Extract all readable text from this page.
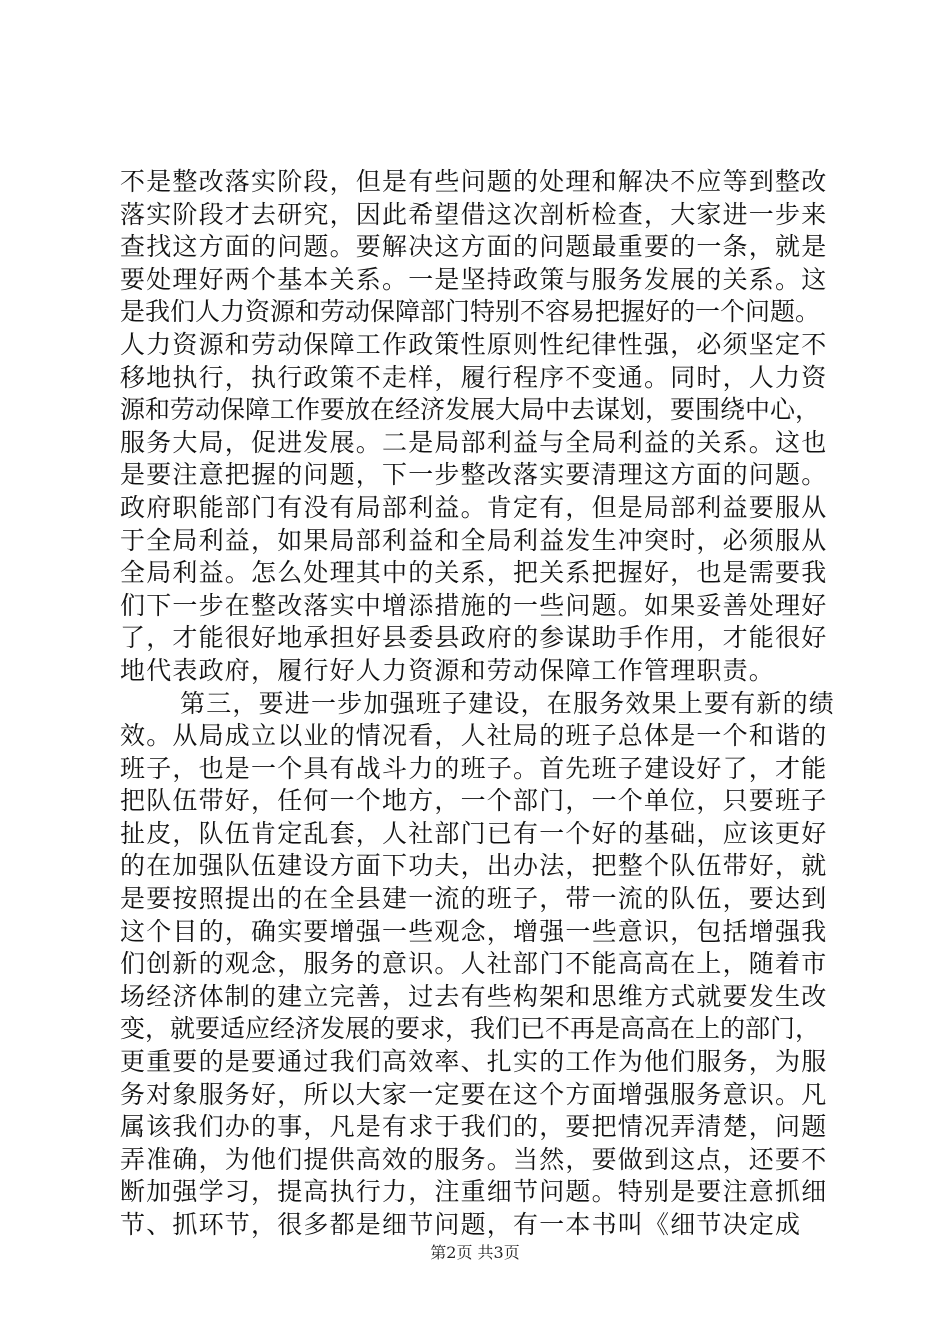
不是整改落实阶段，但是有些问题的处理和解决不应等到整改
落实阶段才去研究，因此希望借这次剖析检查，大家进一步来
查找这方面的问题。要解决这方面的问题最重要的一条，就是
要处理好两个基本关系。一是坚持政策与服务发展的关系。这
是我们人力资源和劳动保障部门特别不容易把握好的一个问题。
人力资源和劳动保障工作政策性原则性纪律性强，必须坚定不
移地执行，执行政策不走样，履行程序不变通。同时，人力资
源和劳动保障工作要放在经济发展大局中去谋划，要围绕中心，
服务大局，促进发展。二是局部利益与全局利益的关系。这也
是要注意把握的问题，下一步整改落实要清理这方面的问题。
政府职能部门有没有局部利益。肯定有，但是局部利益要服从
于全局利益，如果局部利益和全局利益发生冲突时，必须服从
全局利益。怎么处理其中的关系，把关系把握好，也是需要我
们下一步在整改落实中增添措施的一些问题。如果妥善处理好
了，才能很好地承担好县委县政府的参谋助手作用，才能很好
地代表政府，履行好人力资源和劳动保障工作管理职责。
第三，要进一步加强班子建设，在服务效果上要有新的绩
效。从局成立以业的情况看，人社局的班子总体是一个和谐的
班子，也是一个具有战斗力的班子。首先班子建设好了，才能
把队伍带好，任何一个地方，一个部门，一个单位，只要班子
扯皮，队伍肯定乱套，人社部门已有一个好的基础，应该更好
的在加强队伍建设方面下功夫，出办法，把整个队伍带好，就
是要按照提出的在全县建一流的班子，带一流的队伍，要达到
这个目的，确实要增强一些观念，增强一些意识，包括增强我
们创新的观念，服务的意识。人社部门不能高高在上，随着市
场经济体制的建立完善，过去有些构架和思维方式就要发生改
变，就要适应经济发展的要求，我们已不再是高高在上的部门，
更重要的是要通过我们高效率、扎实的工作为他们服务，为服
务对象服务好，所以大家一定要在这个方面增强服务意识。凡
属该我们办的事，凡是有求于我们的，要把情况弄清楚，问题
弄准确，为他们提供高效的服务。当然，要做到这点，还要不
断加强学习，提高执行力，注重细节问题。特别是要注意抓细
节、抓环节，很多都是细节问题，有一本书叫《细节决定成
第2页 共3页
